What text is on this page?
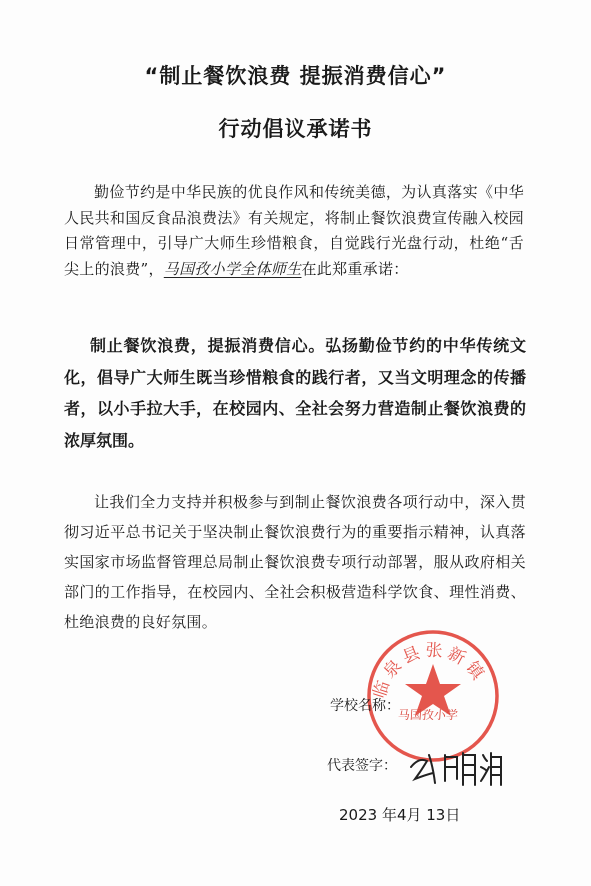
“制止餐饮浪费 提振消费信心”
行动倡议承诺书
勤俭节约是中华民族的优良作风和传统美德，为认真落实《中华人民共和国反食品浪费法》有关规定，将制止餐饮浪费宣传融入校园日常管理中，引导广大师生珍惜粮食，自觉践行光盘行动，杜绝“舌尖上的浪费”，马国孜小学全体师生在此郑重承诺：
制止餐饮浪费，提振消费信心。弘扬勤俭节约的中华传统文化，倡导广大师生既当珍惜粮食的践行者，又当文明理念的传播者，以小手拉大手，在校园内、全社会努力营造制止餐饮浪费的浓厚氛围。
让我们全力支持并积极参与到制止餐饮浪费各项行动中，深入贯彻习近平总书记关于坚决制止餐饮浪费行为的重要指示精神，认真落实国家市场监督管理总局制止餐饮浪费专项行动部署，服从政府相关部门的工作指导，在校园内、全社会积极营造科学饮食、理性消费、杜绝浪费的良好氛围。
临泉县张新镇
学校名称：
马国孜小学
代表签字：
2023 年4月 13日
